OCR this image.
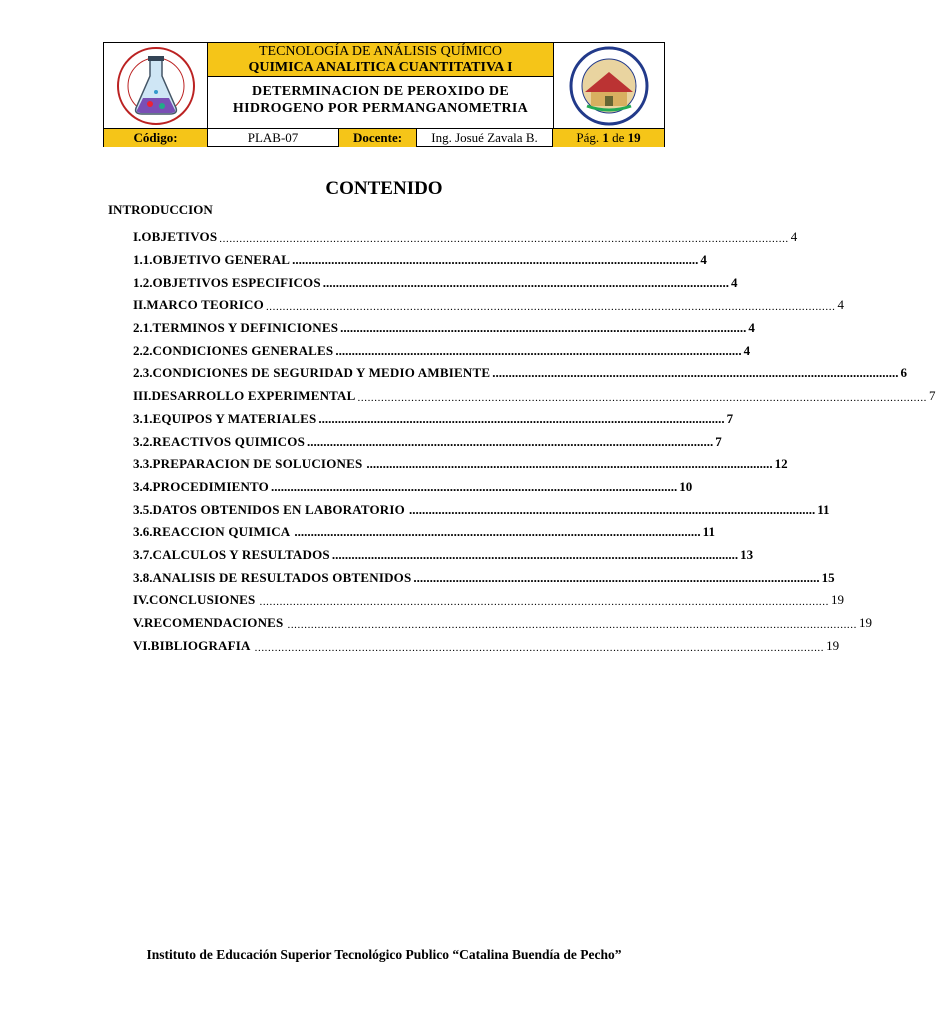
TECNOLOGÍA DE ANÁLISIS QUÍMICO
QUIMICA ANALITICA CUANTITATIVA I
DETERMINACION DE PEROXIDO DE
HIDROGENO POR PERMANGANOMETRIA
Código:	PLAB-07	Docente:	Ing. Josué Zavala B.	Pág. 1 de 19
CONTENIDO
INTRODUCCION
I. OBJETIVOS .......................................................................................................................................................................... 4
1.1. OBJETIVO GENERAL ............................................................................................................................. 4
1.2. OBJETIVOS ESPECIFICOS ............................................................................................................................. 4
II. MARCO TEORICO .......................................................................................................................................................................... 4
2.1. TERMINOS Y DEFINICIONES ............................................................................................................................. 4
2.2. CONDICIONES GENERALES ............................................................................................................................. 4
2.3. CONDICIONES DE SEGURIDAD Y MEDIO AMBIENTE ............................................................................................................................. 6
III. DESARROLLO EXPERIMENTAL .......................................................................................................................................................................... 7
3.1. EQUIPOS Y MATERIALES ............................................................................................................................. 7
3.2. REACTIVOS QUIMICOS ............................................................................................................................. 7
3.3. PREPARACION DE SOLUCIONES ............................................................................................................................. 12
3.4. PROCEDIMIENTO ............................................................................................................................. 10
3.5. DATOS OBTENIDOS EN LABORATORIO ............................................................................................................................. 11
3.6. REACCION QUIMICA ............................................................................................................................. 11
3.7. CALCULOS Y RESULTADOS ............................................................................................................................. 13
3.8. ANALISIS DE RESULTADOS OBTENIDOS ............................................................................................................................. 15
IV. CONCLUSIONES .......................................................................................................................................................................... 19
V. RECOMENDACIONES .......................................................................................................................................................................... 19
VI. BIBLIOGRAFIA .......................................................................................................................................................................... 19
Instituto de Educación Superior Tecnológico Publico “Catalina Buendía de Pecho”
